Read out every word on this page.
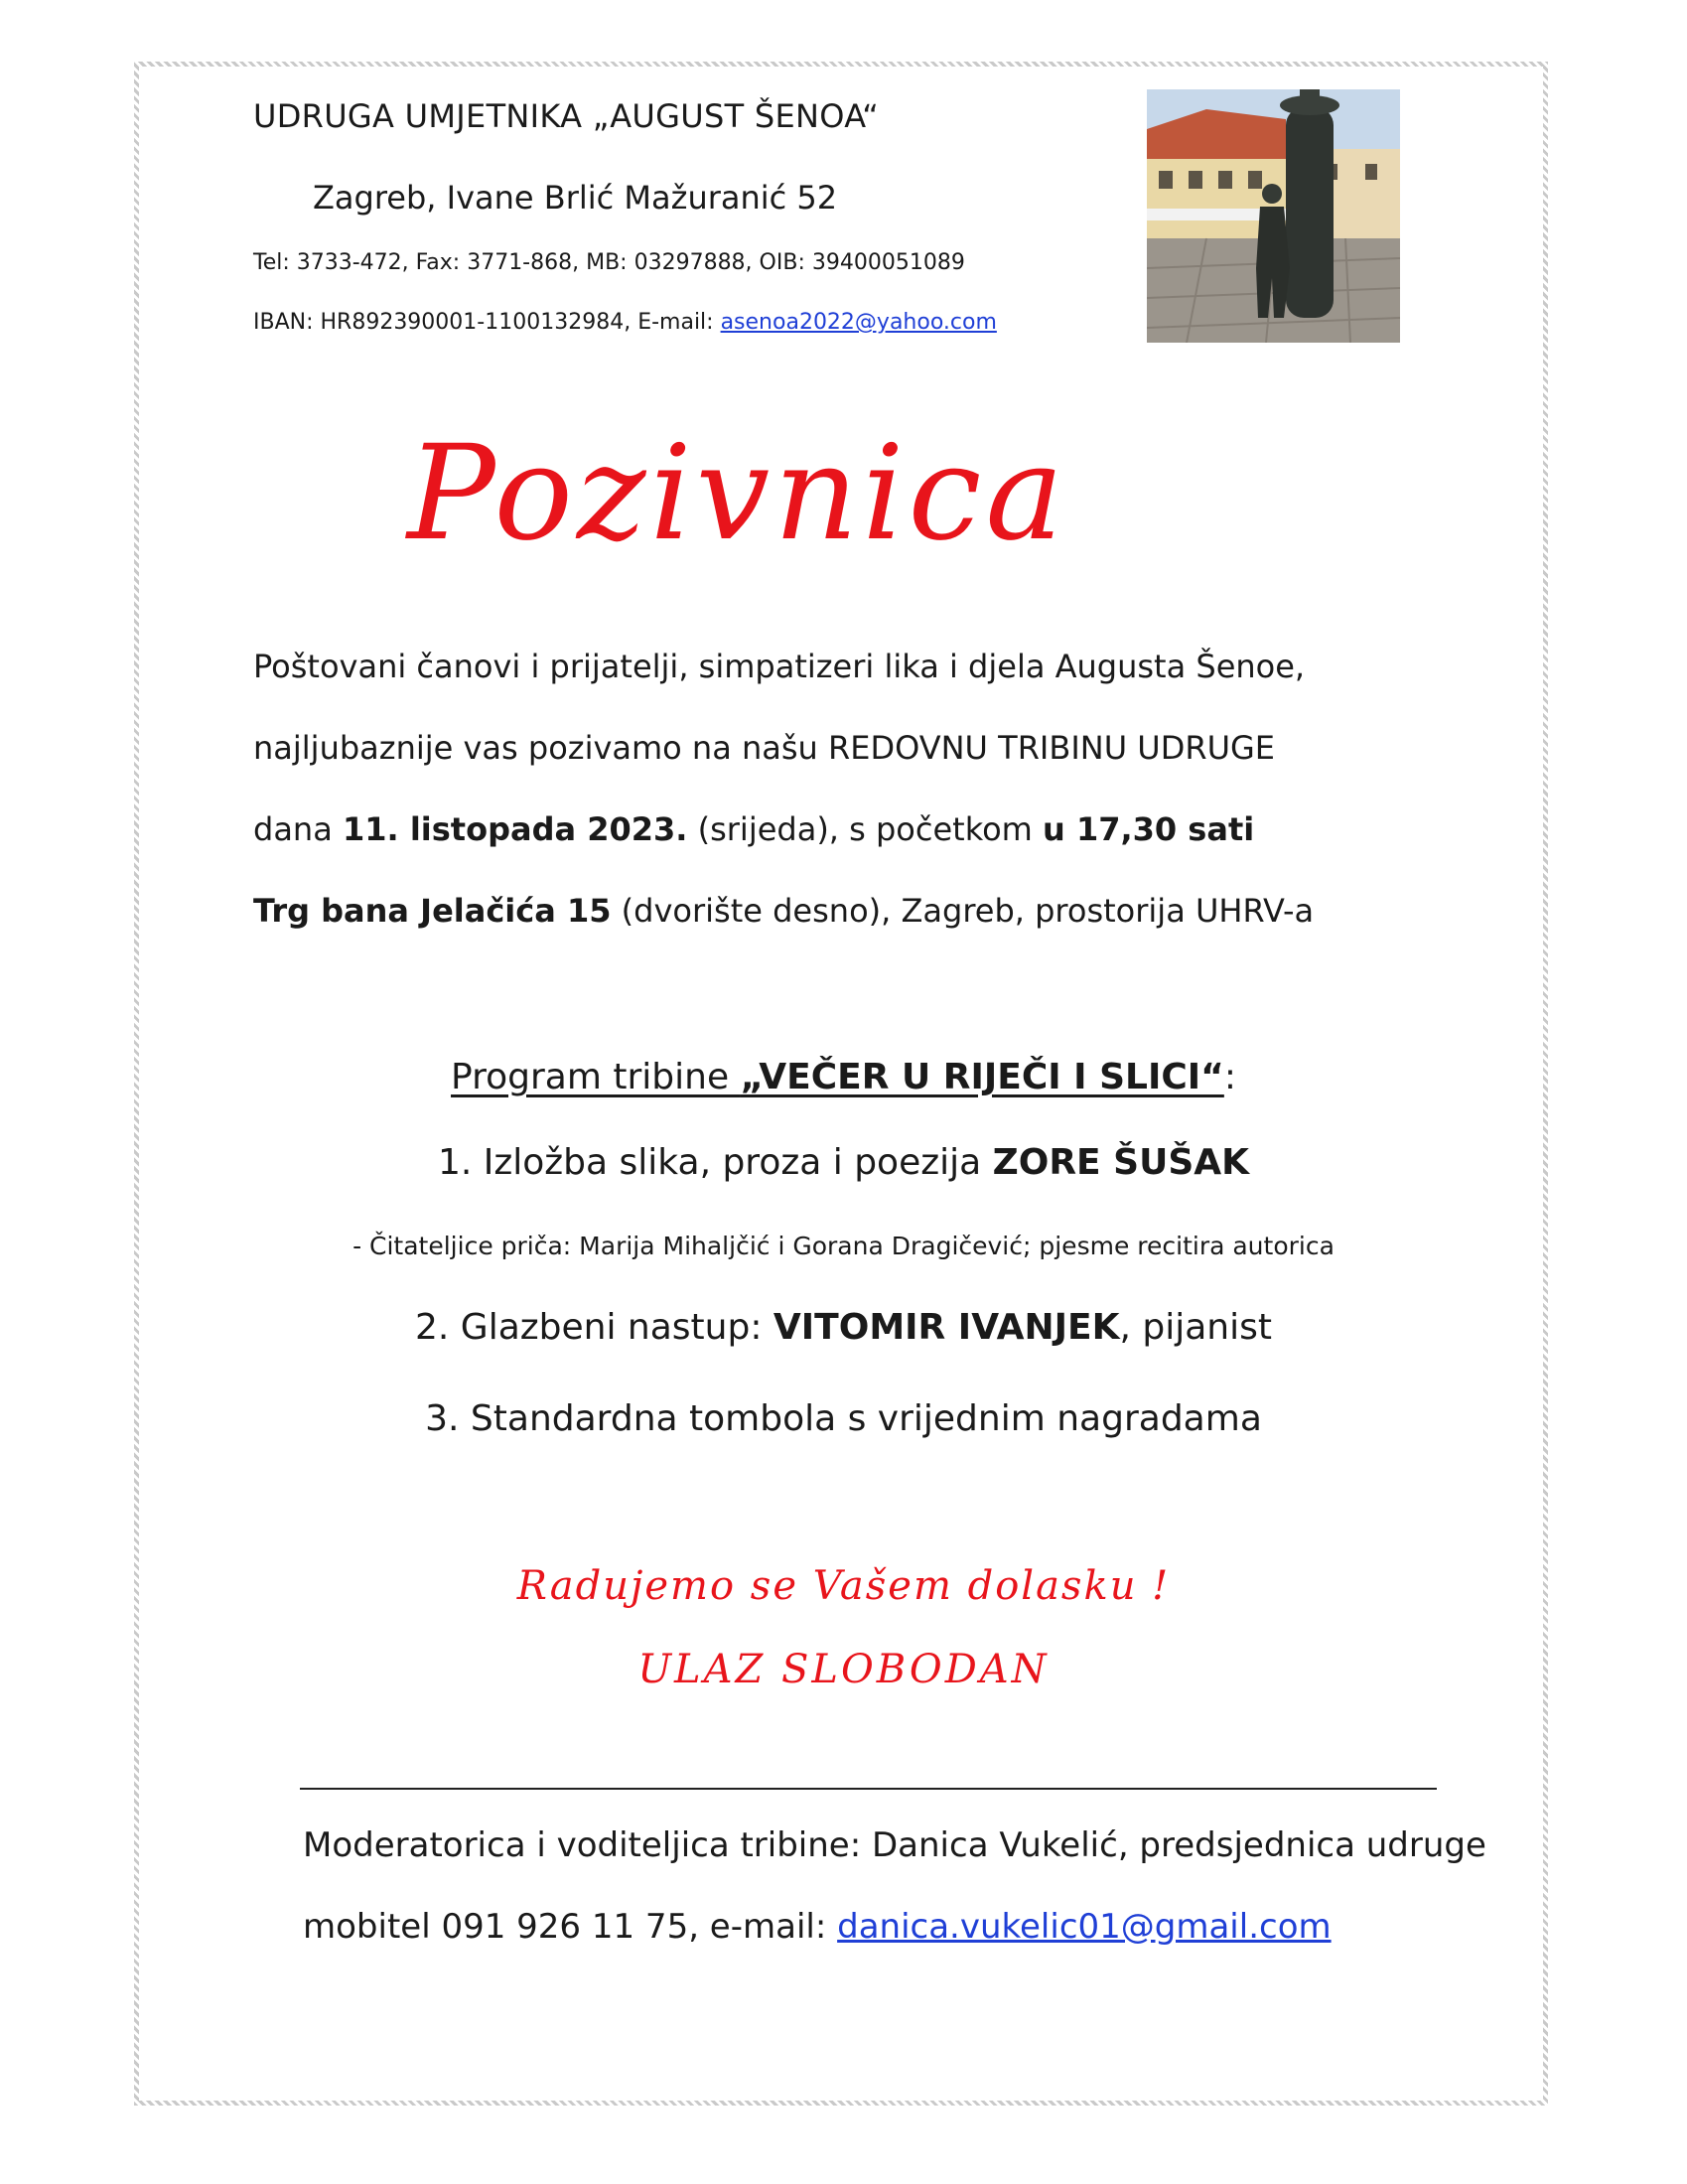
UDRUGA UMJETNIKA „AUGUST ŠENOA“
Zagreb, Ivane Brlić Mažuranić 52
Tel: 3733-472, Fax: 3771-868, MB: 03297888, OIB: 39400051089
IBAN: HR892390001-1100132984, E-mail: asenoa2022@yahoo.com
Pozivnica
Poštovani čanovi i prijatelji, simpatizeri lika i djela Augusta Šenoe,
najljubaznije vas pozivamo na našu REDOVNU TRIBINU UDRUGE
dana 11. listopada 2023. (srijeda), s početkom u 17,30 sati
Trg bana Jelačića 15 (dvorište desno), Zagreb, prostorija UHRV-a
Program tribine „VEČER U RIJEČI I SLICI“:
1. Izložba slika, proza i poezija ZORE ŠUŠAK
- Čitateljice priča: Marija Mihaljčić i Gorana Dragičević; pjesme recitira autorica
2. Glazbeni nastup: VITOMIR IVANJEK, pijanist
3. Standardna tombola s vrijednim nagradama
Radujemo se Vašem dolasku !
ULAZ SLOBODAN
Moderatorica i voditeljica tribine: Danica Vukelić, predsjednica udruge
mobitel 091 926 11 75, e-mail: danica.vukelic01@gmail.com
